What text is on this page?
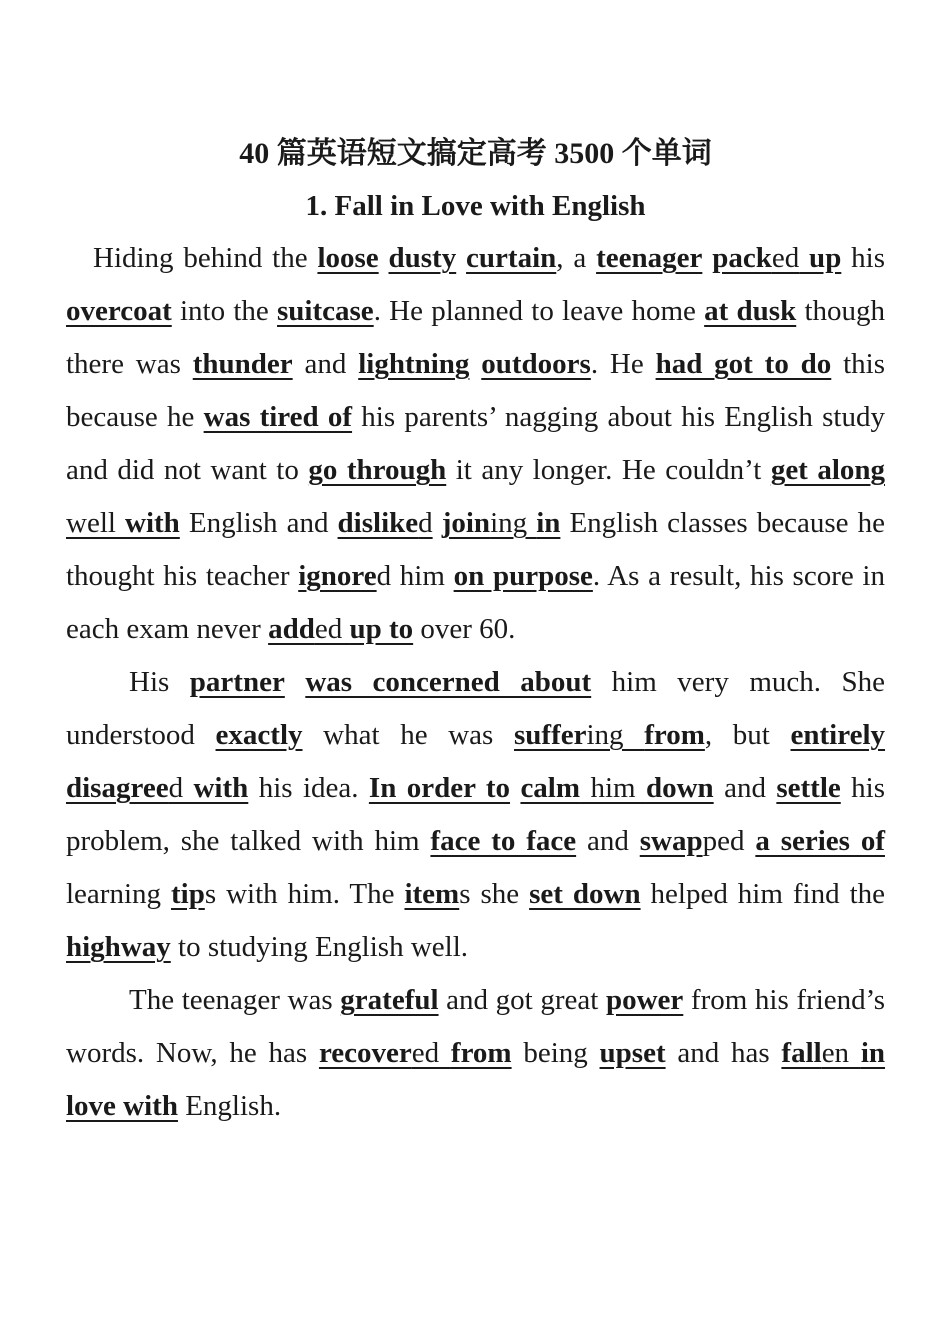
40 篇英语短文搞定高考 3500 个单词
1. Fall in Love with English

Hiding behind the loose dusty curtain, a teenager packed up his overcoat into the suitcase. He planned to leave home at dusk though there was thunder and lightning outdoors. He had got to do this because he was tired of his parents’ nagging about his English study and did not want to go through it any longer. He couldn’t get along well with English and disliked joining in English classes because he thought his teacher ignored him on purpose. As a result, his score in each exam never added up to over 60.

His partner was concerned about him very much. She understood exactly what he was suffering from, but entirely disagreed with his idea. In order to calm him down and settle his problem, she talked with him face to face and swapped a series of learning tips with him. The items she set down helped him find the highway to studying English well.

The teenager was grateful and got great power from his friend’s words. Now, he has recovered from being upset and has fallen in love with English.
